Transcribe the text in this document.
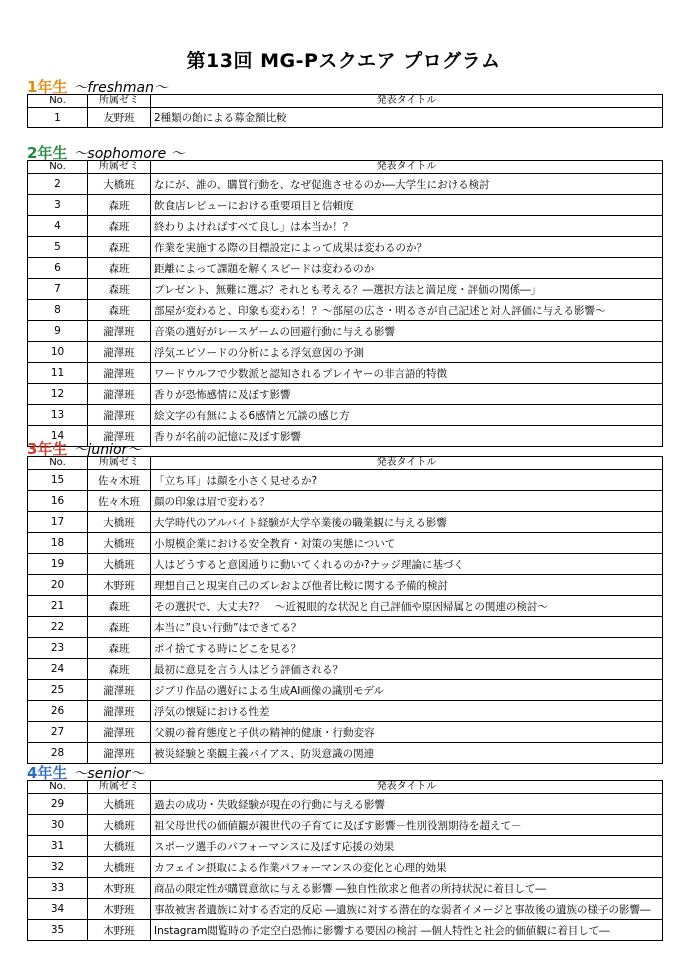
第13回 MG-Pスクエア プログラム
1年生 ～freshman～
No.	所属ゼミ	発表タイトル
1	友野班	2種類の飴による募金額比較
2年生 ～sophomore ～
No.	所属ゼミ	発表タイトル
2	大橋班	なにが、誰の、購買行動を、なぜ促進させるのか―大学生における検討
3	森班	飲食店レビューにおける重要項目と信頼度
4	森班	終わりよければすべて良し」は本当か！？
5	森班	作業を実施する際の目標設定によって成果は変わるのか？
6	森班	距離によって課題を解くスピードは変わるのか
7	森班	プレゼント、無難に選ぶ？それとも考える？―選択方法と満足度・評価の関係―」
8	森班	部屋が変わると、印象も変わる！？～部屋の広さ・明るさが自己記述と対人評価に与える影響～
9	瀧澤班	音楽の選好がレースゲームの回避行動に与える影響
10	瀧澤班	浮気エピソードの分析による浮気意図の予測
11	瀧澤班	ワードウルフで少数派と認知されるプレイヤーの非言語的特徴
12	瀧澤班	香りが恐怖感情に及ぼす影響
13	瀧澤班	絵文字の有無による6感情と冗談の感じ方
14	瀧澤班	香りが名前の記憶に及ぼす影響
3年生 ～junior～
No.	所属ゼミ	発表タイトル
15	佐々木班	「立ち耳」は顔を小さく見せるか?
16	佐々木班	顔の印象は眉で変わる？
17	大橋班	大学時代のアルバイト経験が大学卒業後の職業観に与える影響
18	大橋班	小規模企業における安全教育・対策の実態について
19	大橋班	人はどうすると意図通りに動いてくれるのか?ナッジ理論に基づく
20	木野班	理想自己と現実自己のズレおよび他者比較に関する予備的検討
21	森班	その選択で、大丈夫?？　～近視眼的な状況と自己評価や原因帰属との関連の検討～
22	森班	本当に”良い行動”はできてる？
23	森班	ポイ捨てする時にどこを見る？
24	森班	最初に意見を言う人はどう評価される？
25	瀧澤班	ジブリ作品の選好による生成AI画像の識別モデル
26	瀧澤班	浮気の懐疑における性差
27	瀧澤班	父親の養育態度と子供の精神的健康・行動変容
28	瀧澤班	被災経験と楽観主義バイアス、防災意識の関連
4年生 ～senior～
No.	所属ゼミ	発表タイトル
29	大橋班	過去の成功・失敗経験が現在の行動に与える影響
30	大橋班	祖父母世代の価値観が親世代の子育てに及ぼす影響－性別役割期待を超えて－
31	大橋班	スポーツ選手のパフォーマンスに及ぼす応援の効果
32	大橋班	カフェイン摂取による作業パフォーマンスの変化と心理的効果
33	木野班	商品の限定性が購買意欲に与える影響 ―独自性欲求と他者の所持状況に着目して―
34	木野班	事故被害者遺族に対する否定的反応 ―遺族に対する潜在的な弱者イメージと事故後の遺族の様子の影響―
35	木野班	Instagram閲覧時の予定空白恐怖に影響する要因の検討 ―個人特性と社会的価値観に着目して―
